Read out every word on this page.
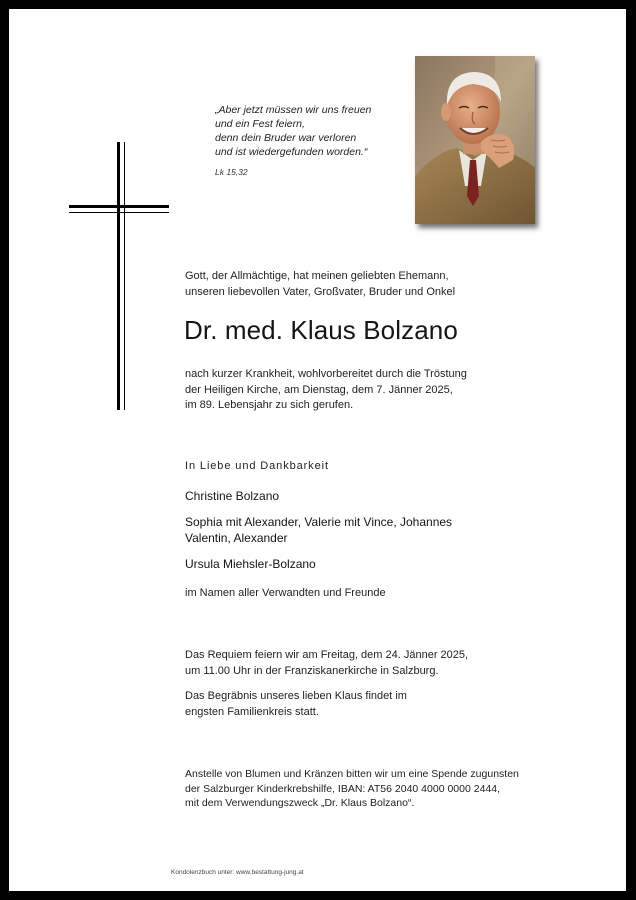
„Aber jetzt müssen wir uns freuen
und ein Fest feiern,
denn dein Bruder war verloren
und ist wiedergefunden worden.“
Lk 15,32
Gott, der Allmächtige, hat meinen geliebten Ehemann,
unseren liebevollen Vater, Großvater, Bruder und Onkel
Dr. med. Klaus Bolzano
nach kurzer Krankheit, wohlvorbereitet durch die Tröstung
der Heiligen Kirche, am Dienstag, dem 7. Jänner 2025,
im 89. Lebensjahr zu sich gerufen.
In Liebe und Dankbarkeit
Christine Bolzano
Sophia mit Alexander, Valerie mit Vince, Johannes
Valentin, Alexander
Ursula Miehsler-Bolzano
im Namen aller Verwandten und Freunde
Das Requiem feiern wir am Freitag, dem 24. Jänner 2025,
um 11.00 Uhr in der Franziskanerkirche in Salzburg.
Das Begräbnis unseres lieben Klaus findet im
engsten Familienkreis statt.
Anstelle von Blumen und Kränzen bitten wir um eine Spende zugunsten
der Salzburger Kinderkrebshilfe, IBAN: AT56 2040 4000 0000 2444,
mit dem Verwendungszweck „Dr. Klaus Bolzano“.
Kondolenzbuch unter: www.bestattung-jung.at
